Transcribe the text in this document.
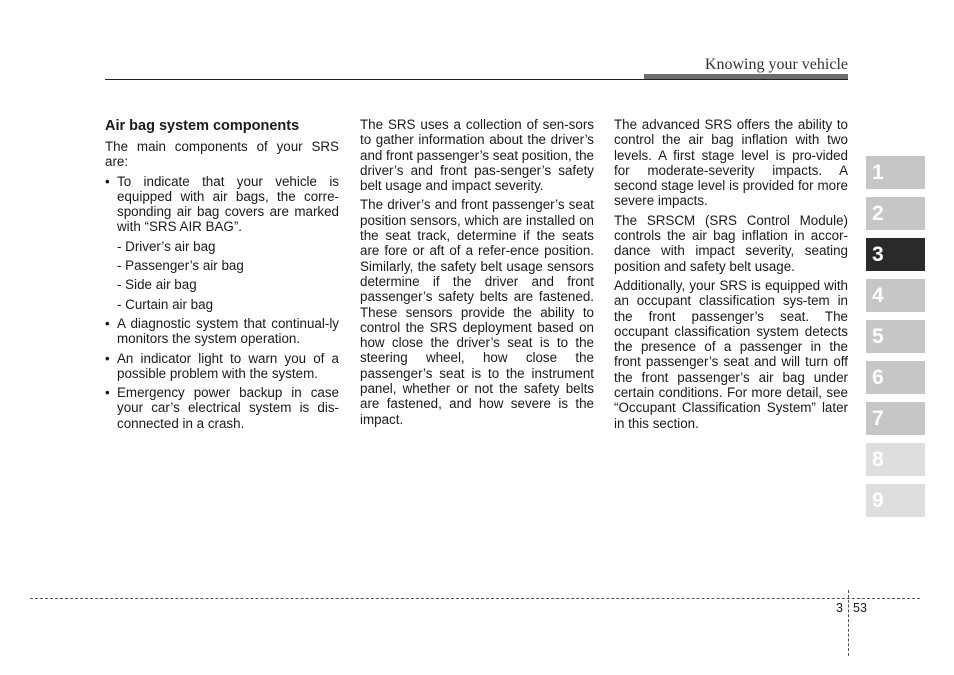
Knowing your vehicle
Air bag system components

The main components of your SRS are:

• To indicate that your vehicle is equipped with air bags, the corre-sponding air bag covers are marked with “SRS AIR BAG”.
- Driver’s air bag
- Passenger’s air bag
- Side air bag
- Curtain air bag
• A diagnostic system that continual-ly monitors the system operation.
• An indicator light to warn you of a possible problem with the system.
• Emergency power backup in case your car’s electrical system is dis-connected in a crash.

The SRS uses a collection of sen-sors to gather information about the driver’s and front passenger’s seat position, the driver’s and front pas-senger’s safety belt usage and impact severity.

The driver’s and front passenger’s seat position sensors, which are installed on the seat track, determine if the seats are fore or aft of a refer-ence position. Similarly, the safety belt usage sensors determine if the driver and front passenger’s safety belts are fastened. These sensors provide the ability to control the SRS deployment based on how close the driver’s seat is to the steering wheel, how close the passenger’s seat is to the instrument panel, whether or not the safety belts are fastened, and how severe is the impact.

The advanced SRS offers the ability to control the air bag inflation with two levels. A first stage level is pro-vided for moderate-severity impacts. A second stage level is provided for more severe impacts.

The SRSCM (SRS Control Module) controls the air bag inflation in accor-dance with impact severity, seating position and safety belt usage.

Additionally, your SRS is equipped with an occupant classification sys-tem in the front passenger’s seat. The occupant classification system detects the presence of a passenger in the front passenger’s seat and will turn off the front passenger’s air bag under certain conditions. For more detail, see “Occupant Classification System” later in this section.

1
2
3
4
5
6
7
8
9
3 53
